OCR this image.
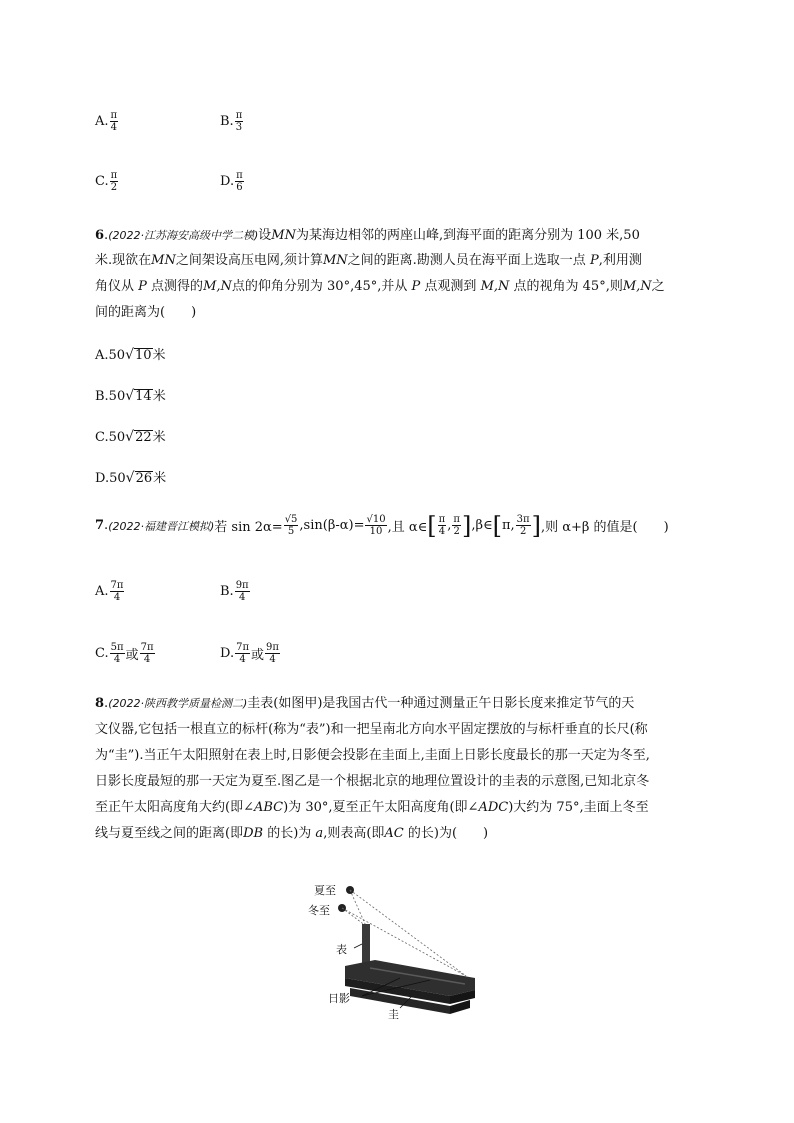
A. $\frac{\pi}{4}$	B. $\frac{\pi}{3}$
C. $\frac{\pi}{2}$	D. $\frac{\pi}{6}$
6.(2022·江苏海安高级中学二模)设MN为某海边相邻的两座山峰,到海平面的距离分别为 100 米,50
米.现欲在MN之间架设高压电网,须计算MN之间的距离.勘测人员在海平面上选取一点 P,利用测
角仪从 P 点测得的M,N点的仰角分别为 30°,45°,并从 P 点观测到 M,N 点的视角为 45°,则M,N之
间的距离为(　　)
A.50√10米
B.50√14米
C.50√22米
D.50√26米
7 . (2022·福建晋江模拟) 若 $\sin 2\alpha= \frac{√5}{5} ,\sin(\beta-\alpha)= \frac{√10}{10}$ ,且 α∈ [ $\frac{\pi}{4}$ , $\frac{\pi}{2}$ ] ,β∈ [ π, $\frac{3\pi}{2}$ ] ,则 α+β 的值是(　　)
A. $\frac{7\pi}{4}$	B. $\frac{9\pi}{4}$
C. $\frac{5\pi}{4}$ 或 $\frac{7\pi}{4}$	D. $\frac{7\pi}{4}$ 或 $\frac{9\pi}{4}$
8.(2022·陕西教学质量检测二)圭表(如图甲)是我国古代一种通过测量正午日影长度来推定节气的天
文仪器,它包括一根直立的标杆(称为“表”)和一把呈南北方向水平固定摆放的与标杆垂直的长尺(称
为“圭”).当正午太阳照射在表上时,日影便会投影在圭面上,圭面上日影长度最长的那一天定为冬至,
日影长度最短的那一天定为夏至.图乙是一个根据北京的地理位置设计的圭表的示意图,已知北京冬
至正午太阳高度角大约(即∠ABC)为 30°,夏至正午太阳高度角(即∠ADC)大约为 75°,圭面上冬至
线与夏至线之间的距离(即DB 的长)为 a,则表高(即AC 的长)为(　　)
夏至
冬至
表
日影
圭
